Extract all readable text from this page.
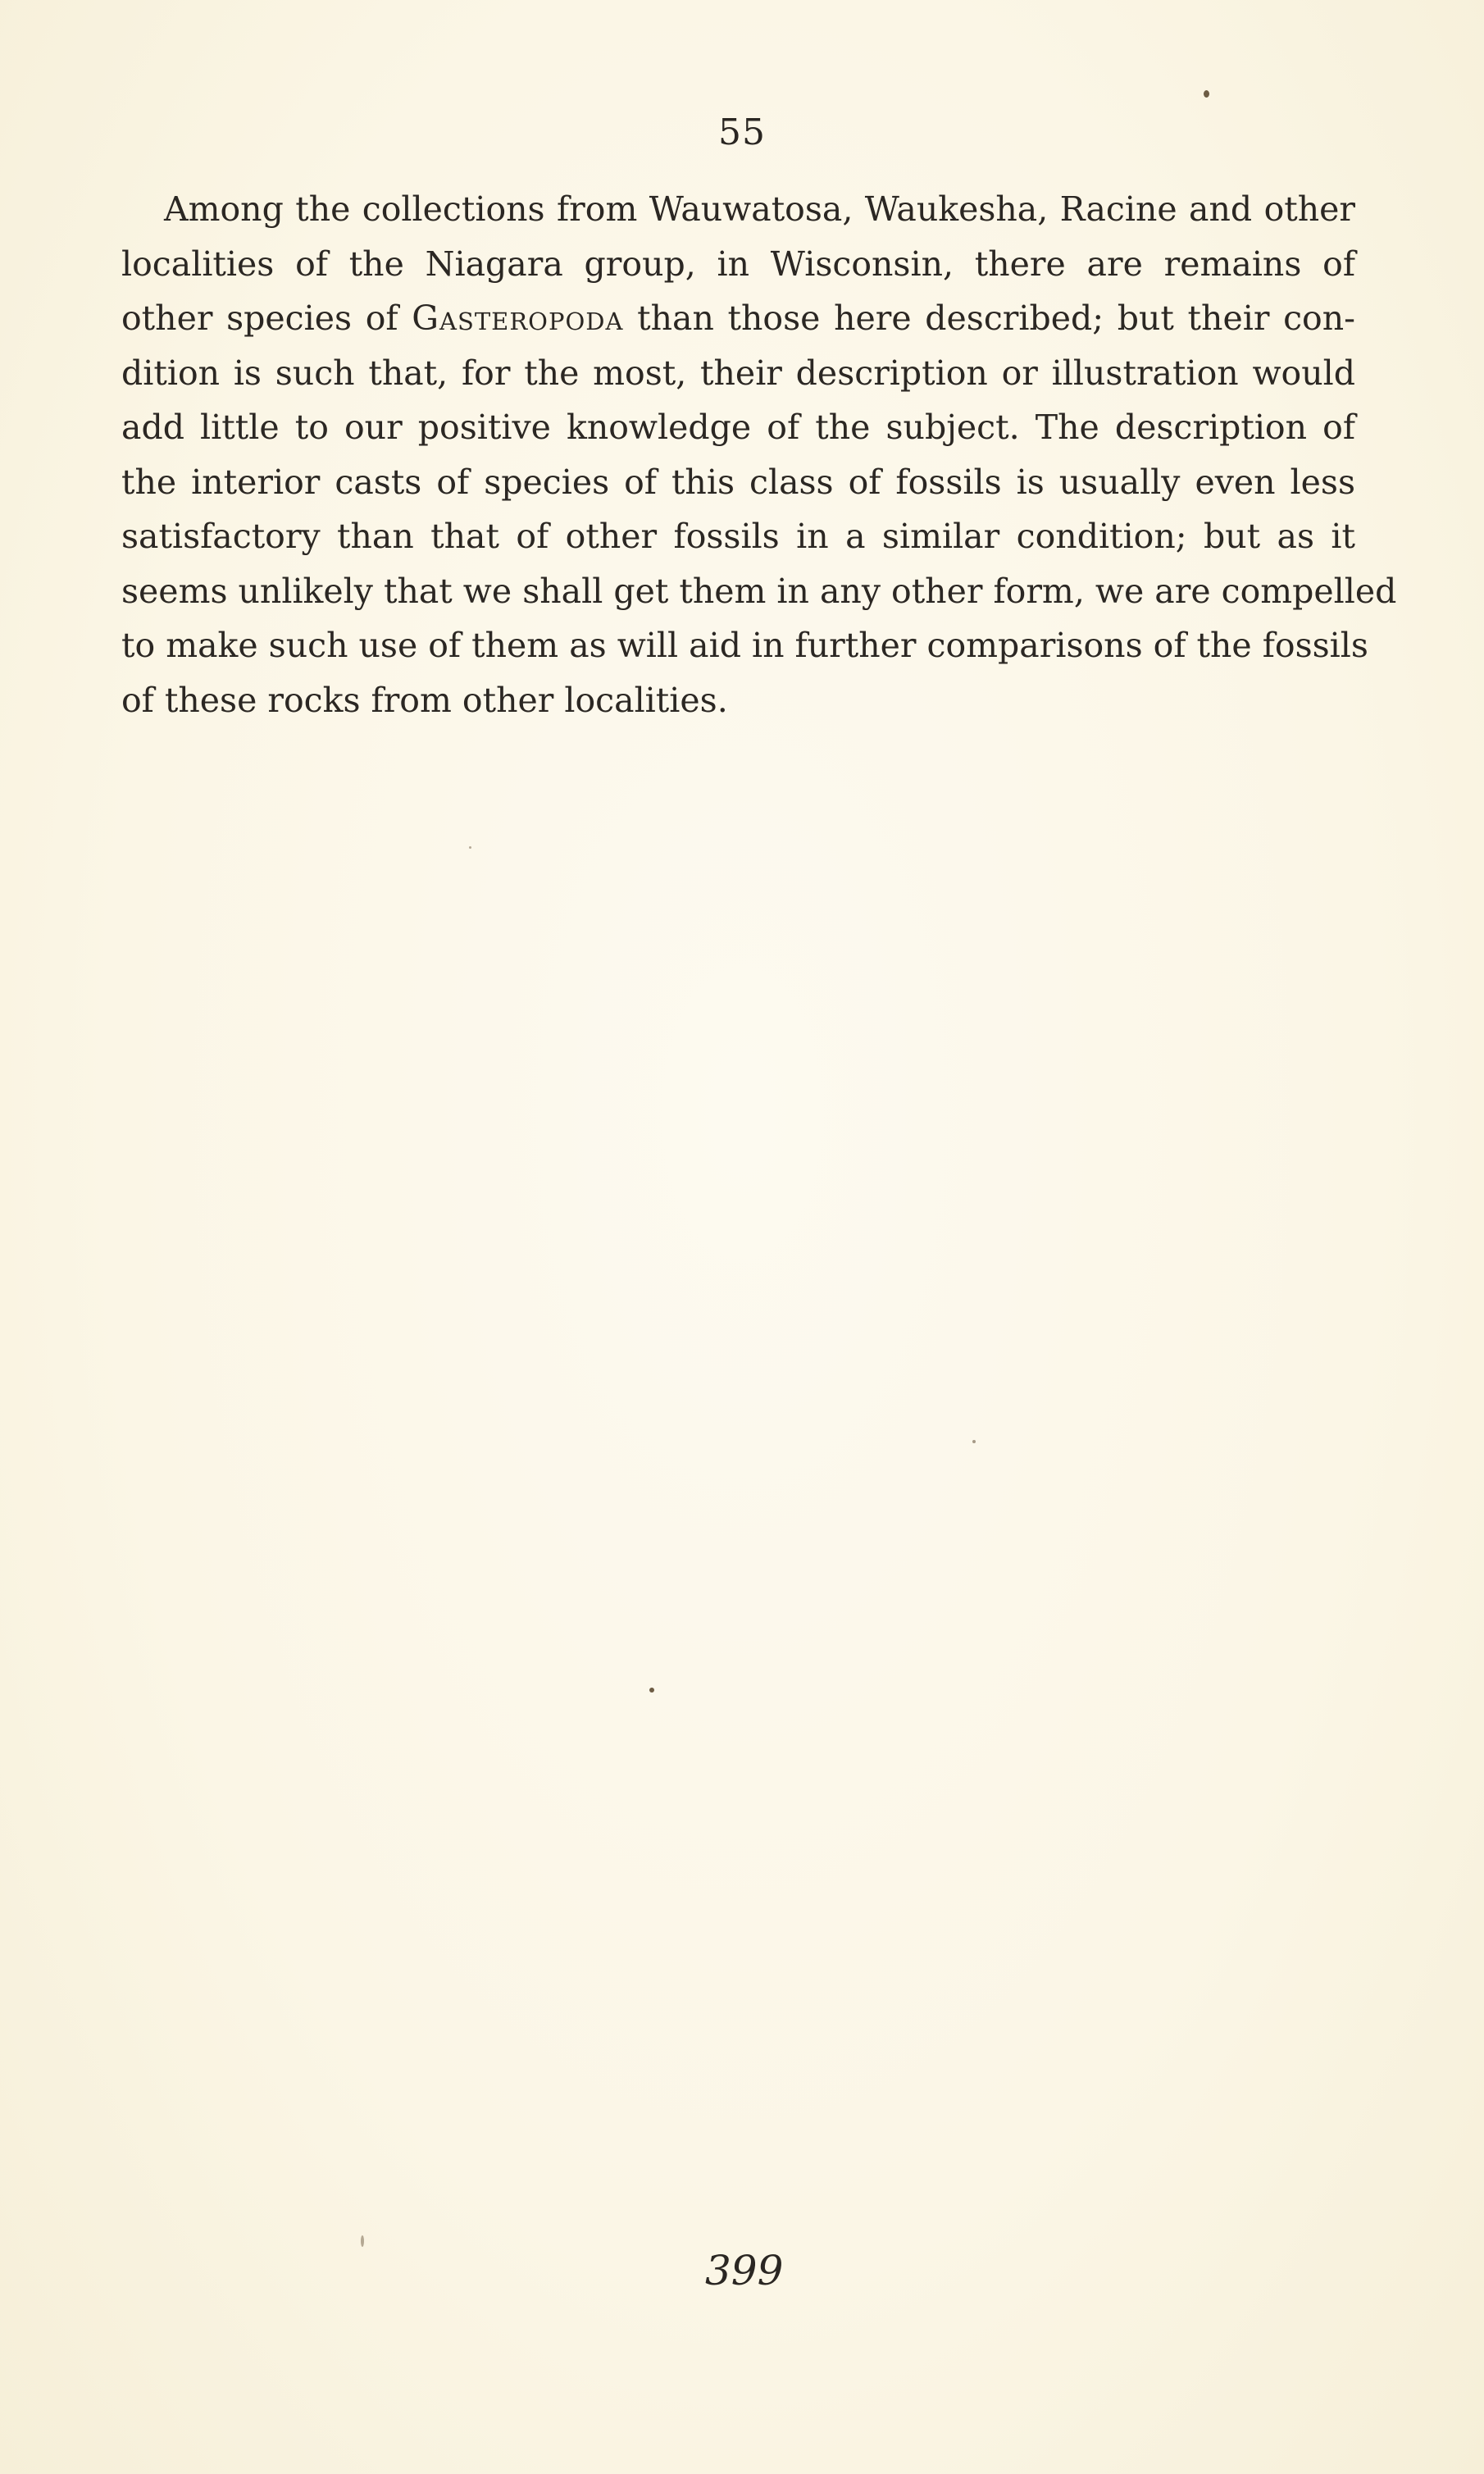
55
Among the collections from Wauwatosa, Waukesha, Racine and other
localities of the Niagara group, in Wisconsin, there are remains of
other species of Gasteropoda than those here described; but their con-
dition is such that, for the most, their description or illustration would
add little to our positive knowledge of the subject. The description of
the interior casts of species of this class of fossils is usually even less
satisfactory than that of other fossils in a similar condition; but as it
seems unlikely that we shall get them in any other form, we are compelled
to make such use of them as will aid in further comparisons of the fossils
of these rocks from other localities.
399
